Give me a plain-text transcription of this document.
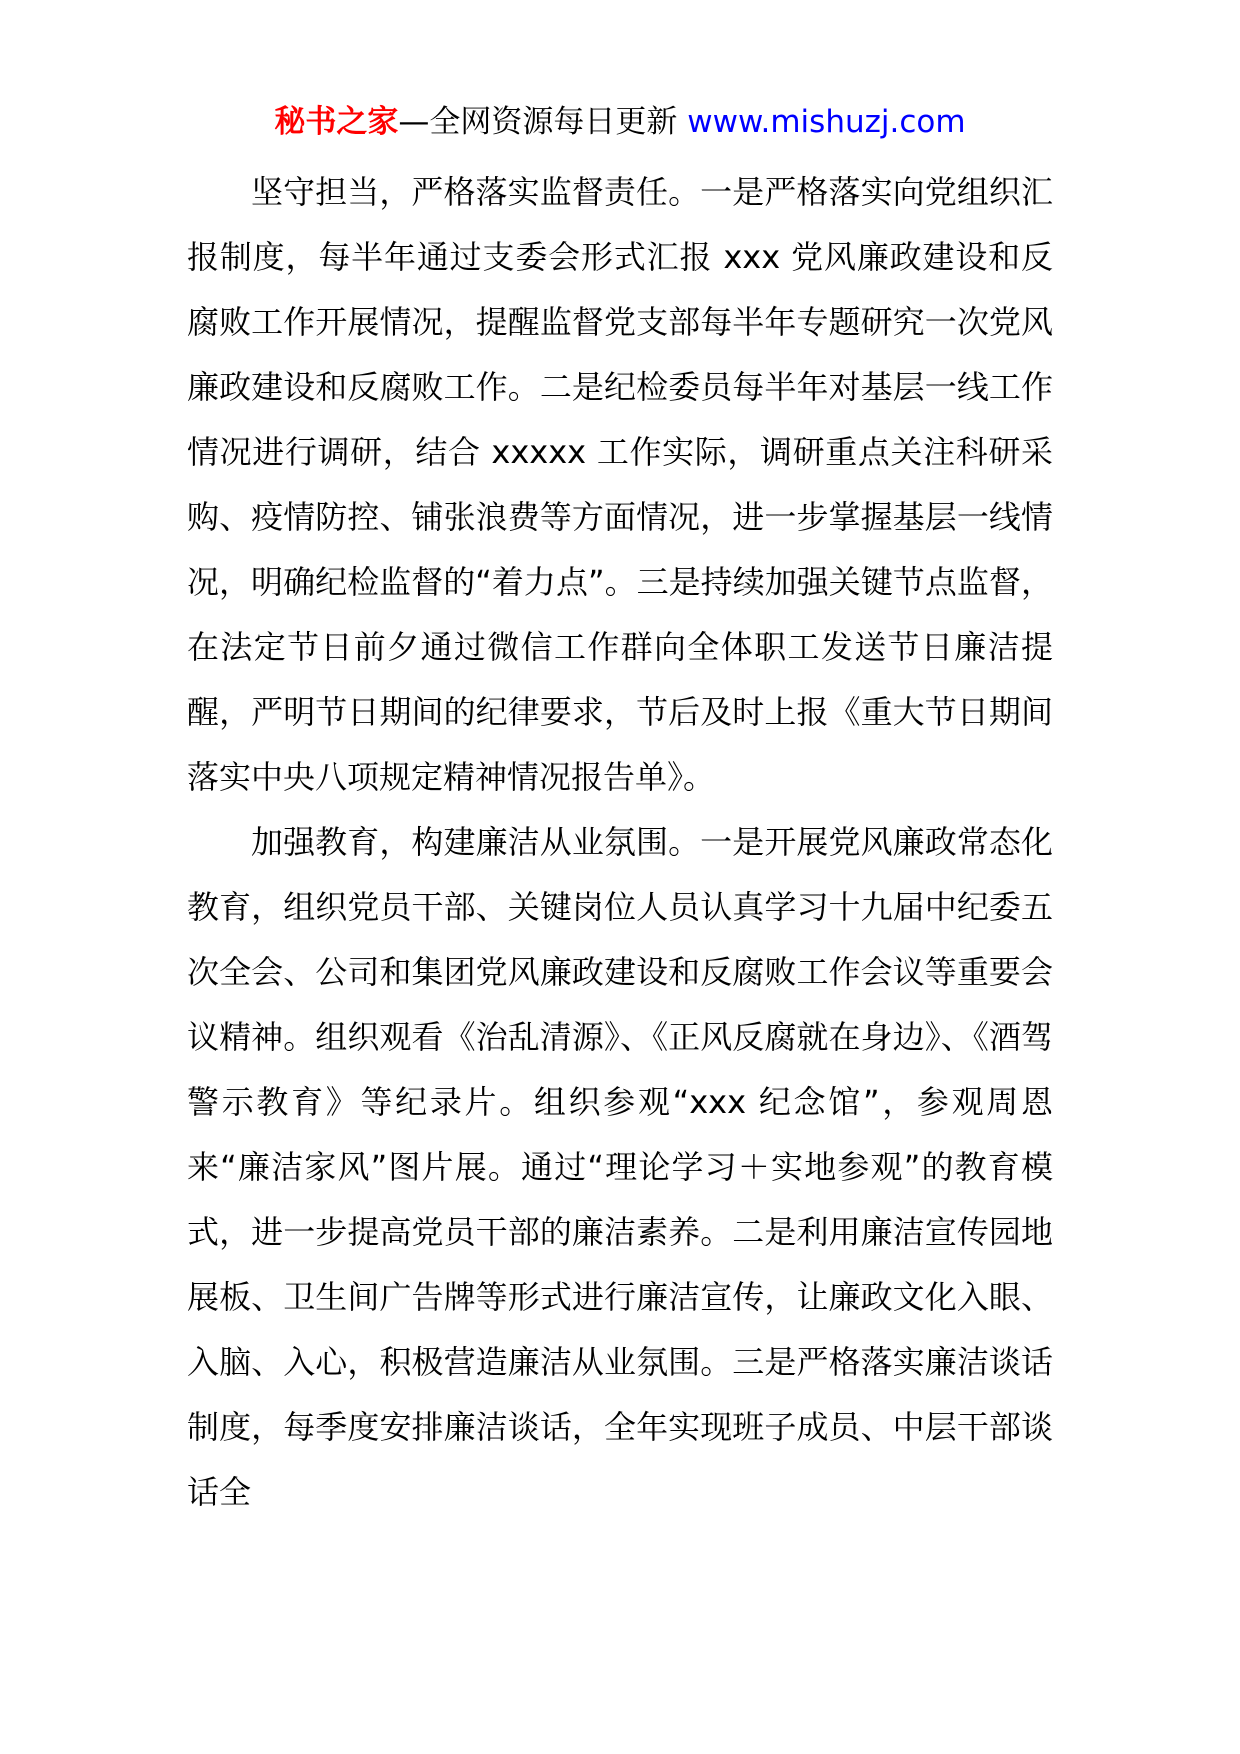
秘书之家—全网资源每日更新 www.mishuzj.com

坚守担当，严格落实监督责任。一是严格落实向党组织汇报制度，每半年通过支委会形式汇报 xxx 党风廉政建设和反腐败工作开展情况，提醒监督党支部每半年专题研究一次党风廉政建设和反腐败工作。二是纪检委员每半年对基层一线工作情况进行调研，结合 xxxxx 工作实际，调研重点关注科研采购、疫情防控、铺张浪费等方面情况，进一步掌握基层一线情况，明确纪检监督的“着力点”。三是持续加强关键节点监督，在法定节日前夕通过微信工作群向全体职工发送节日廉洁提醒，严明节日期间的纪律要求，节后及时上报《重大节日期间落实中央八项规定精神情况报告单》。

加强教育，构建廉洁从业氛围。一是开展党风廉政常态化教育，组织党员干部、关键岗位人员认真学习十九届中纪委五次全会、公司和集团党风廉政建设和反腐败工作会议等重要会议精神。组织观看《治乱清源》、《正风反腐就在身边》、《酒驾警示教育》等纪录片。组织参观“xxx 纪念馆”，参观周恩来“廉洁家风”图片展。通过“理论学习＋实地参观”的教育模式，进一步提高党员干部的廉洁素养。二是利用廉洁宣传园地展板、卫生间广告牌等形式进行廉洁宣传，让廉政文化入眼、入脑、入心，积极营造廉洁从业氛围。三是严格落实廉洁谈话制度，每季度安排廉洁谈话，全年实现班子成员、中层干部谈话全
